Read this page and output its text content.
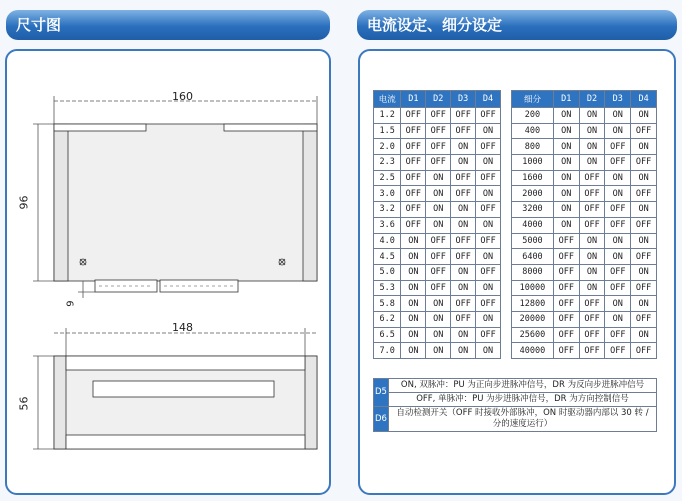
尺寸图	电流设定、细分设定
160
96
9
148
56
电流	D1	D2	D3	D4
1.2	OFF	OFF	OFF	OFF
1.5	OFF	OFF	OFF	ON
2.0	OFF	OFF	ON	OFF
2.3	OFF	OFF	ON	ON
2.5	OFF	ON	OFF	OFF
3.0	OFF	ON	OFF	ON
3.2	OFF	ON	ON	OFF
3.6	OFF	ON	ON	ON
4.0	ON	OFF	OFF	OFF
4.5	ON	OFF	OFF	ON
5.0	ON	OFF	ON	OFF
5.3	ON	OFF	ON	ON
5.8	ON	ON	OFF	OFF
6.2	ON	ON	OFF	ON
6.5	ON	ON	ON	OFF
7.0	ON	ON	ON	ON
细分	D1	D2	D3	D4
200	ON	ON	ON	ON
400	ON	ON	ON	OFF
800	ON	ON	OFF	ON
1000	ON	ON	OFF	OFF
1600	ON	OFF	ON	ON
2000	ON	OFF	ON	OFF
3200	ON	OFF	OFF	ON
4000	ON	OFF	OFF	OFF
5000	OFF	ON	ON	ON
6400	OFF	ON	ON	OFF
8000	OFF	ON	OFF	ON
10000	OFF	ON	OFF	OFF
12800	OFF	OFF	ON	ON
20000	OFF	OFF	ON	OFF
25600	OFF	OFF	OFF	ON
40000	OFF	OFF	OFF	OFF
D5	ON, 双脉冲：PU 为正向步进脉冲信号，DR 为反向步进脉冲信号
	OFF, 单脉冲：PU 为步进脉冲信号，DR 为方向控制信号
D6	自动检测开关（OFF 时接收外部脉冲，ON 时驱动器内部以 30 转 / 分的速度运行）
